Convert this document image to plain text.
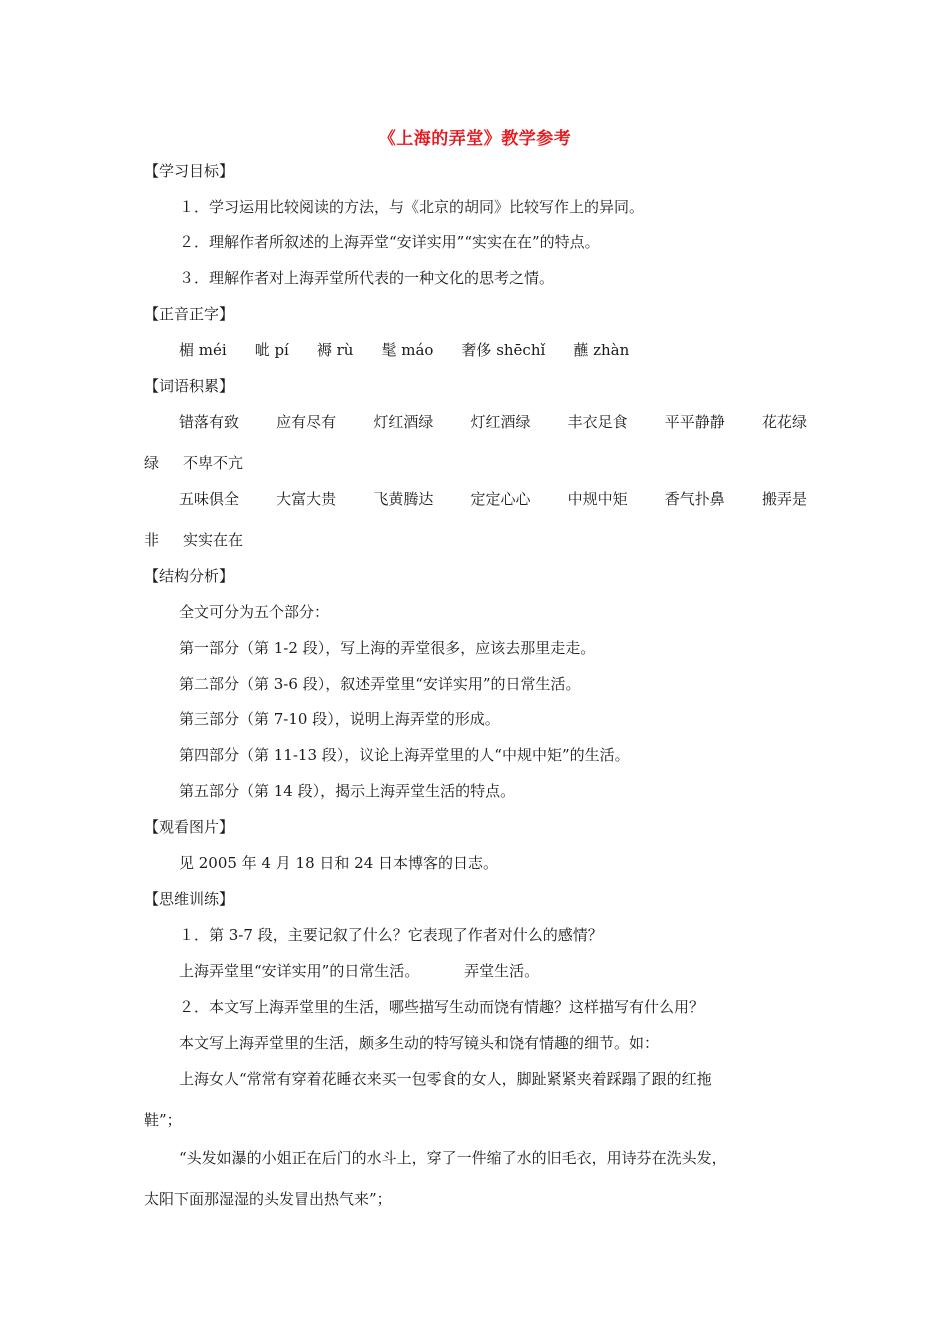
《上海的弄堂》教学参考
【学习目标】
１．学习运用比较阅读的方法，与《北京的胡同》比较写作上的异同。
２．理解作者所叙述的上海弄堂“安详实用”“实实在在”的特点。
３．理解作者对上海弄堂所代表的一种文化的思考之情。
【正音正字】
楣 méi 呲 pí 褥 rù 髦 máo 奢侈 shēchǐ 蘸 zhàn
【词语积累】
错落有致 应有尽有 灯红酒绿 灯红酒绿 丰衣足食 平平静静 花花绿
绿 不卑不亢
五味俱全 大富大贵 飞黄腾达 定定心心 中规中矩 香气扑鼻 搬弄是
非 实实在在
【结构分析】
全文可分为五个部分：
第一部分（第 1-2 段），写上海的弄堂很多，应该去那里走走。
第二部分（第 3-6 段），叙述弄堂里“安详实用”的日常生活。
第三部分（第 7-10 段），说明上海弄堂的形成。
第四部分（第 11-13 段），议论上海弄堂里的人“中规中矩”的生活。
第五部分（第 14 段），揭示上海弄堂生活的特点。
【观看图片】
见 2005 年 4 月 18 日和 24 日本博客的日志。
【思维训练】
１．第 3-7 段，主要记叙了什么？它表现了作者对什么的感情？
上海弄堂里“安详实用”的日常生活。	弄堂生活。
２．本文写上海弄堂里的生活，哪些描写生动而饶有情趣？这样描写有什么用？
本文写上海弄堂里的生活，颇多生动的特写镜头和饶有情趣的细节。如：
上海女人“常常有穿着花睡衣来买一包零食的女人，脚趾紧紧夹着踩蹋了跟的红拖
鞋”；
“头发如瀑的小姐正在后门的水斗上，穿了一件缩了水的旧毛衣，用诗芬在洗头发，
太阳下面那湿湿的头发冒出热气来”；
